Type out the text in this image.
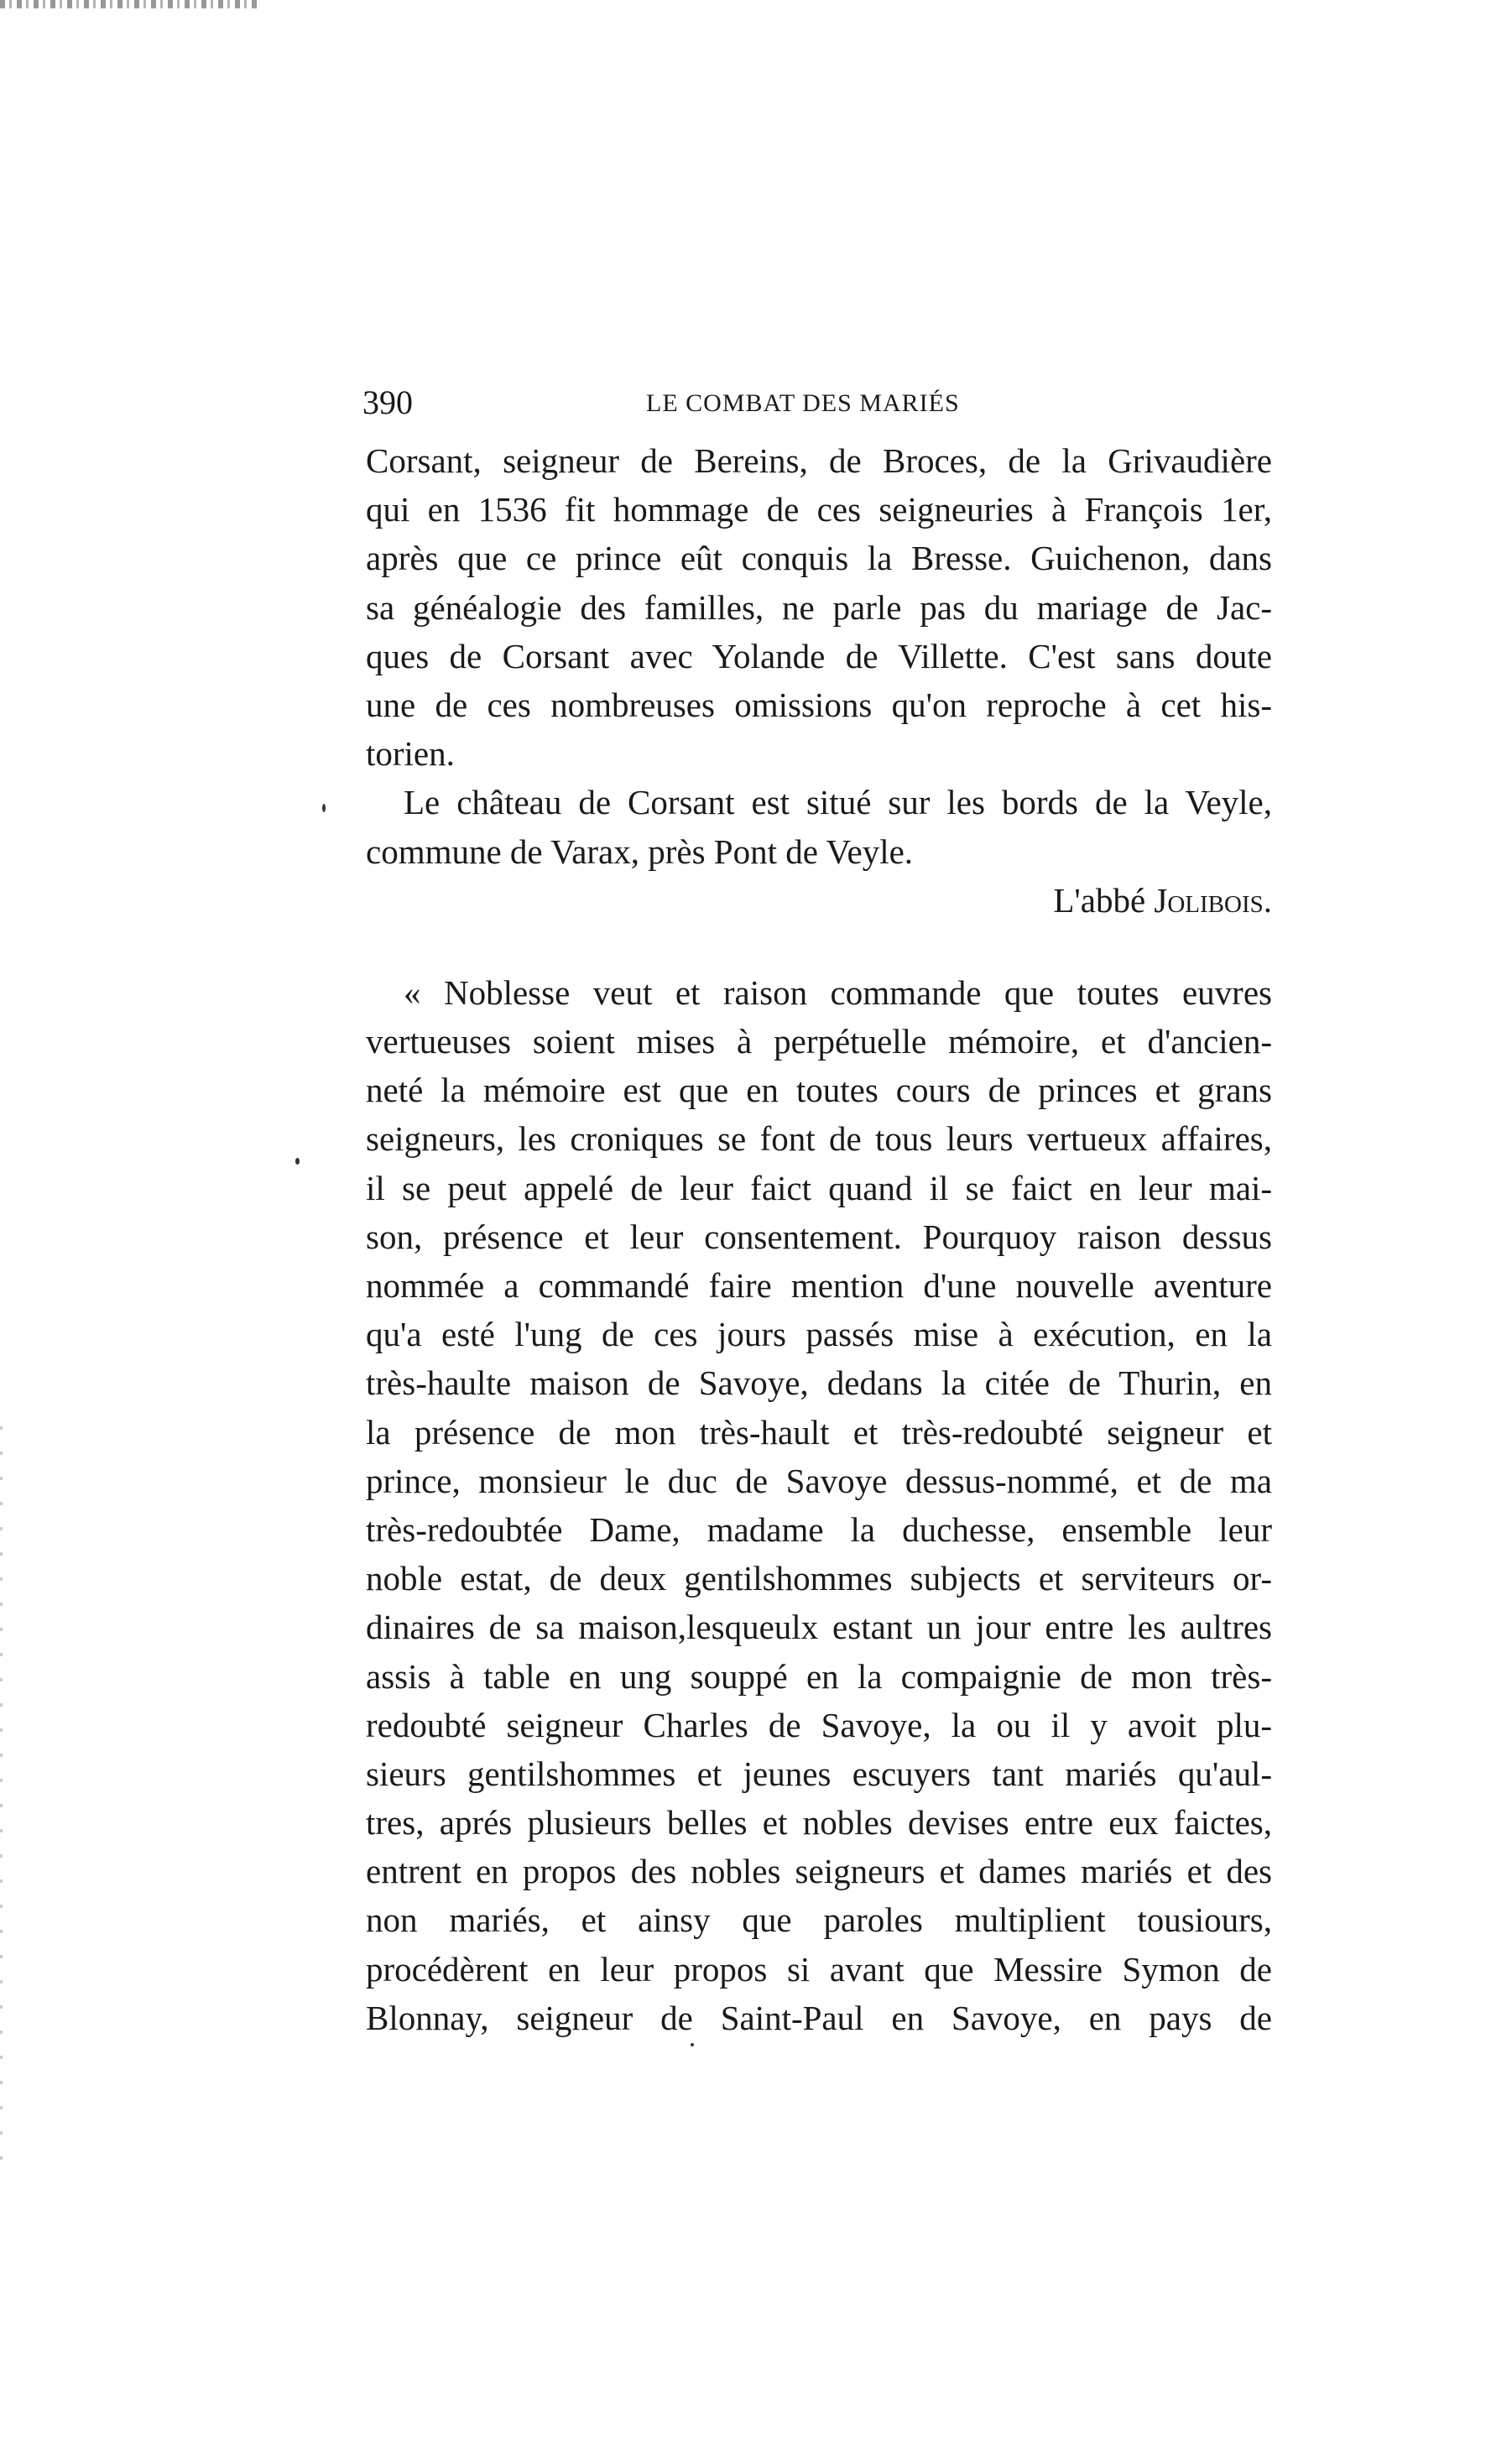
390	LE COMBAT DES MARIÉS
Corsant, seigneur de Bereins, de Broces, de la Grivaudière
qui en 1536 fit hommage de ces seigneuries à François 1er,
après que ce prince eût conquis la Bresse. Guichenon, dans
sa généalogie des familles, ne parle pas du mariage de Jac-
ques de Corsant avec Yolande de Villette. C'est sans doute
une de ces nombreuses omissions qu'on reproche à cet his-
torien.
Le château de Corsant est situé sur les bords de la Veyle,
commune de Varax, près Pont de Veyle.
L'abbé Jolibois.
« Noblesse veut et raison commande que toutes euvres
vertueuses soient mises à perpétuelle mémoire, et d'ancien-
neté la mémoire est que en toutes cours de princes et grans
seigneurs, les croniques se font de tous leurs vertueux affaires,
il se peut appelé de leur faict quand il se faict en leur mai-
son, présence et leur consentement. Pourquoy raison dessus
nommée a commandé faire mention d'une nouvelle aventure
qu'a esté l'ung de ces jours passés mise à exécution, en la
très-haulte maison de Savoye, dedans la citée de Thurin, en
la présence de mon très-hault et très-redoubté seigneur et
prince, monsieur le duc de Savoye dessus-nommé, et de ma
très-redoubtée Dame, madame la duchesse, ensemble leur
noble estat, de deux gentilshommes subjects et serviteurs or-
dinaires de sa maison,lesqueulx estant un jour entre les aultres
assis à table en ung souppé en la compaignie de mon très-
redoubté seigneur Charles de Savoye, la ou il y avoit plu-
sieurs gentilshommes et jeunes escuyers tant mariés qu'aul-
tres, aprés plusieurs belles et nobles devises entre eux faictes,
entrent en propos des nobles seigneurs et dames mariés et des
non mariés, et ainsy que paroles multiplient tousiours,
procédèrent en leur propos si avant que Messire Symon de
Blonnay, seigneur de Saint-Paul en Savoye, en pays de
